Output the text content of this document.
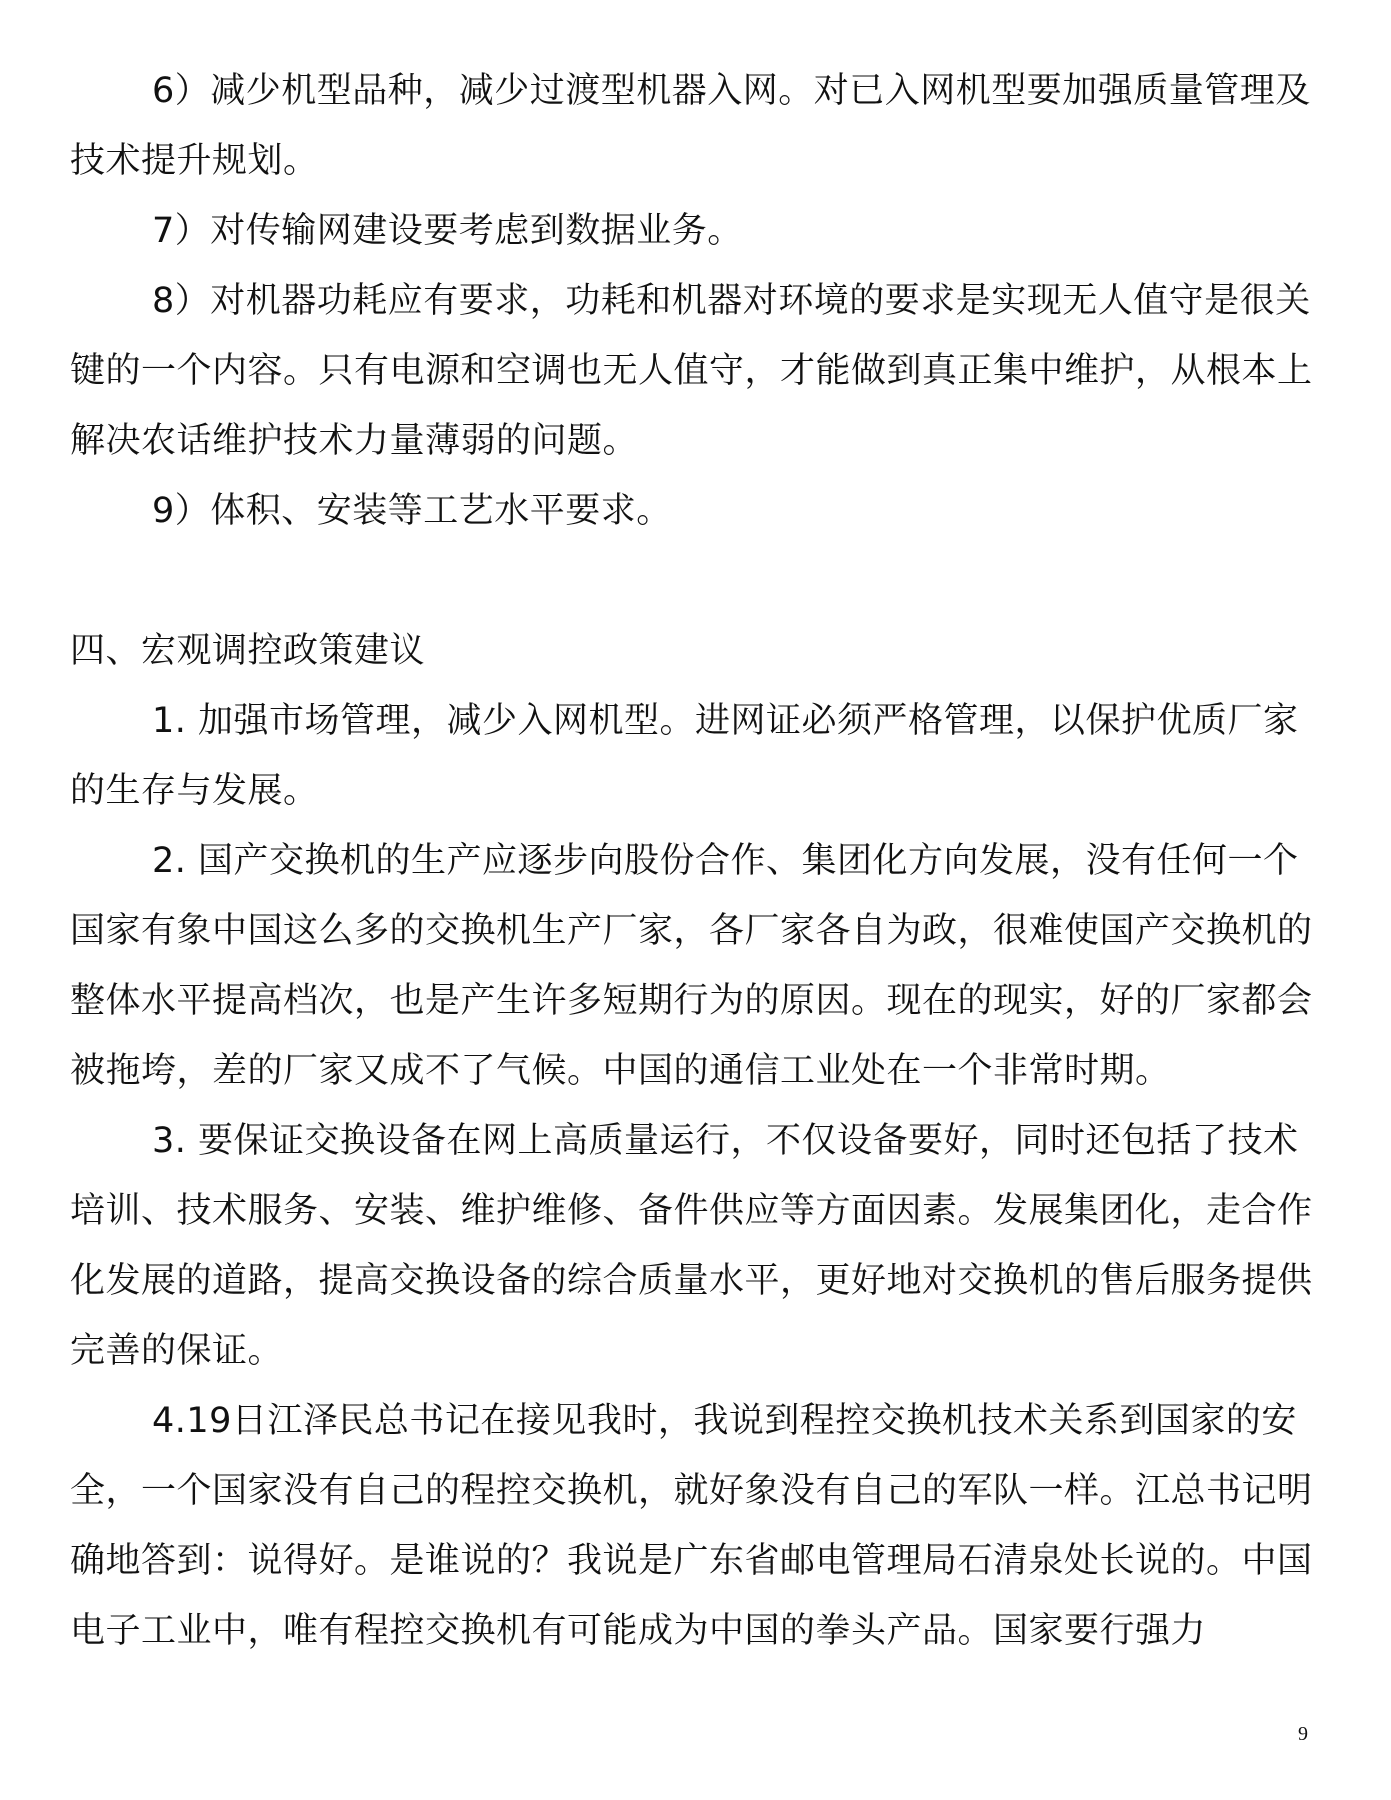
6）减少机型品种，减少过渡型机器入网。对已入网机型要加强质量管理及技术提升规划。

7）对传输网建设要考虑到数据业务。

8）对机器功耗应有要求，功耗和机器对环境的要求是实现无人值守是很关键的一个内容。只有电源和空调也无人值守，才能做到真正集中维护，从根本上解决农话维护技术力量薄弱的问题。

9）体积、安装等工艺水平要求。

四、宏观调控政策建议

1. 加强市场管理，减少入网机型。进网证必须严格管理，以保护优质厂家的生存与发展。

2. 国产交换机的生产应逐步向股份合作、集团化方向发展，没有任何一个国家有象中国这么多的交换机生产厂家，各厂家各自为政，很难使国产交换机的整体水平提高档次，也是产生许多短期行为的原因。现在的现实，好的厂家都会被拖垮，差的厂家又成不了气候。中国的通信工业处在一个非常时期。

3. 要保证交换设备在网上高质量运行，不仅设备要好，同时还包括了技术培训、技术服务、安装、维护维修、备件供应等方面因素。发展集团化，走合作化发展的道路，提高交换设备的综合质量水平，更好地对交换机的售后服务提供完善的保证。

4.19日江泽民总书记在接见我时，我说到程控交换机技术关系到国家的安全，一个国家没有自己的程控交换机，就好象没有自己的军队一样。江总书记明确地答到：说得好。是谁说的？我说是广东省邮电管理局石清泉处长说的。中国电子工业中，唯有程控交换机有可能成为中国的拳头产品。国家要行强力

9
